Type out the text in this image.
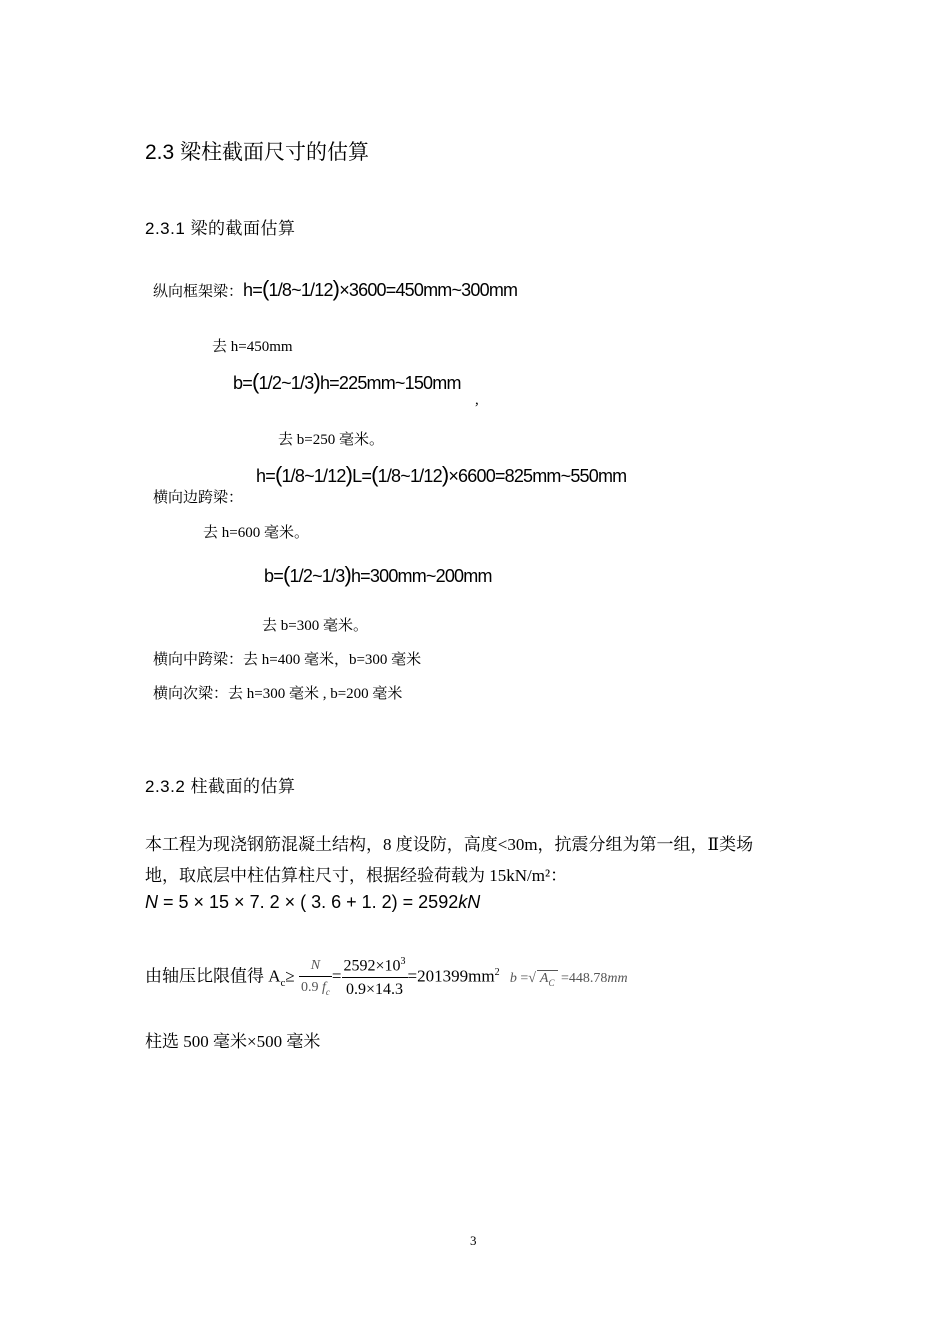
2.3 梁柱截面尺寸的估算
2.3.1 梁的截面估算
纵向框架梁：h=(1/8~1/12)×3600=450mm~300mm
去 h=450mm
b=(1/2~1/3)h=225mm~150mm
,
去 b=250 毫米。
h=(1/8~1/12)L=(1/8~1/12)×6600=825mm~550mm
横向边跨梁：
去 h=600 毫米。
b=(1/2~1/3)h=300mm~200mm
去 b=300 毫米。
横向中跨梁：去 h=400 毫米，b=300 毫米
横向次梁：去 h=300 毫米 , b=200 毫米
2.3.2 柱截面的估算
本工程为现浇钢筋混凝土结构，8 度设防，高度<30m，抗震分组为第一组，Ⅱ类场
地，取底层中柱估算柱尺寸，根据经验荷载为 15kN/m²：
N = 5 × 15 × 7. 2 × ( 3. 6 + 1. 2) = 2592kN
由轴压比限值得 $A_c\ge \frac{N}{0.9 f_c} = \frac{2592\times 10^3}{0.9\times 14.3} =201399mm^2$ b =√ $A_C =448.78mm$
柱选 500 毫米×500 毫米
3
